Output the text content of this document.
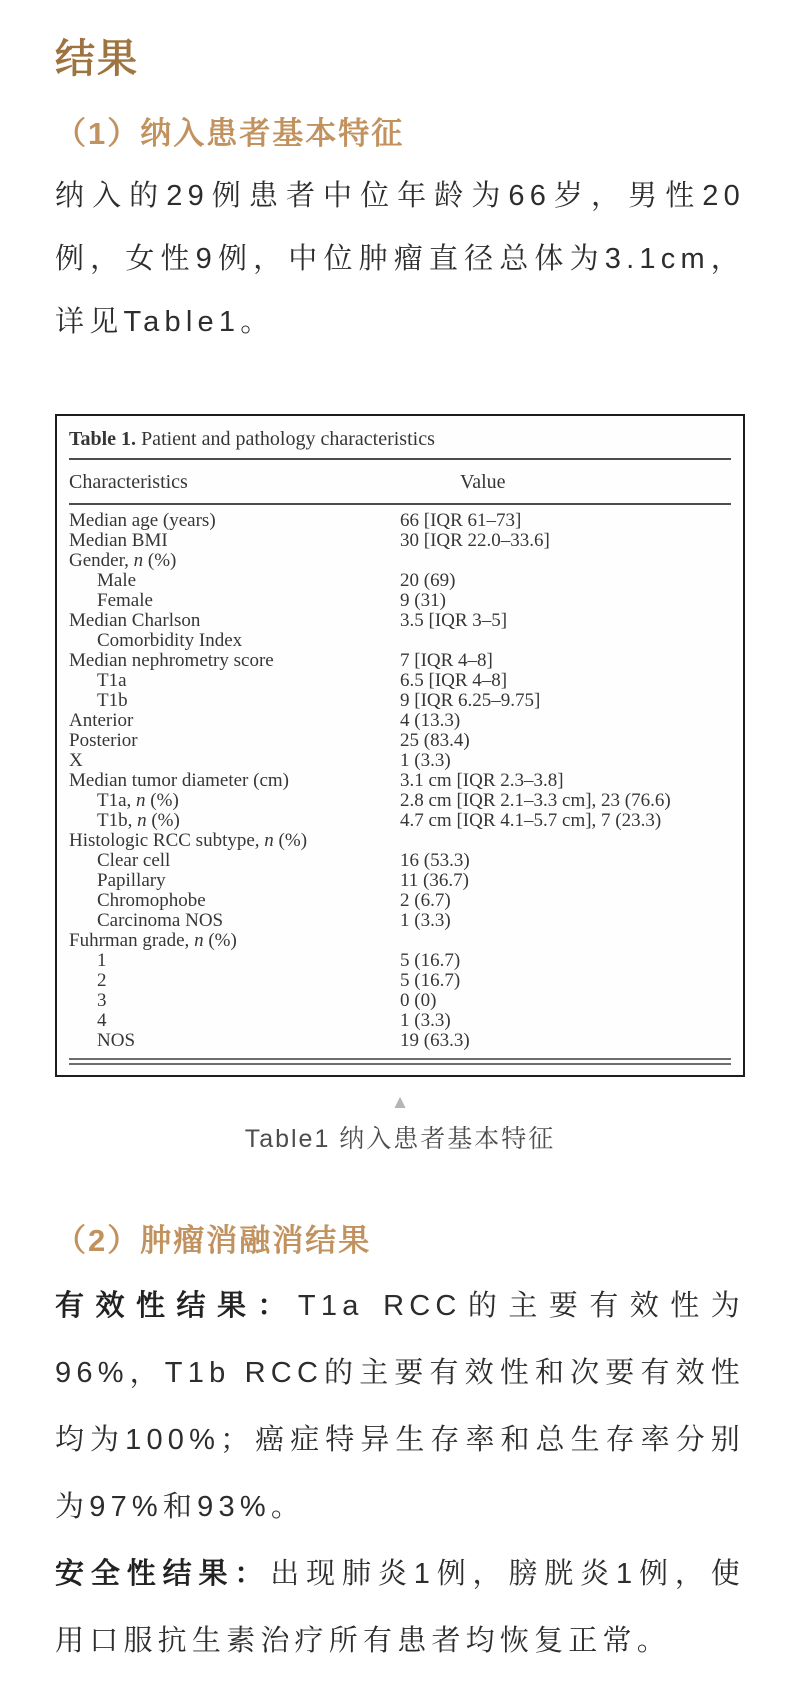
结果
（1）纳入患者基本特征

纳入的29例患者中位年龄为66岁，男性20例，女性9例，中位肿瘤直径总体为3.1cm，详见Table1。

Table 1. Patient and pathology characteristics
Characteristics	Value
Median age (years)	66 [IQR 61–73]
Median BMI	30 [IQR 22.0–33.6]
Gender, n (%)
Male	20 (69)
Female	9 (31)
Median Charlson	3.5 [IQR 3–5]
Comorbidity Index
Median nephrometry score	7 [IQR 4–8]
T1a	6.5 [IQR 4–8]
T1b	9 [IQR 6.25–9.75]
Anterior	4 (13.3)
Posterior	25 (83.4)
X	1 (3.3)
Median tumor diameter (cm)	3.1 cm [IQR 2.3–3.8]
T1a, n (%)	2.8 cm [IQR 2.1–3.3 cm], 23 (76.6)
T1b, n (%)	4.7 cm [IQR 4.1–5.7 cm], 7 (23.3)
Histologic RCC subtype, n (%)
Clear cell	16 (53.3)
Papillary	11 (36.7)
Chromophobe	2 (6.7)
Carcinoma NOS	1 (3.3)
Fuhrman grade, n (%)
1	5 (16.7)
2	5 (16.7)
3	0 (0)
4	1 (3.3)
NOS	19 (63.3)
▲
Table1 纳入患者基本特征
（2）肿瘤消融消结果

有效性结果：T1a RCC的主要有效性为96%，T1b RCC的主要有效性和次要有效性均为100%；癌症特异生存率和总生存率分别为97%和93%。

安全性结果：出现肺炎1例，膀胱炎1例，使用口服抗生素治疗所有患者均恢复正常。
